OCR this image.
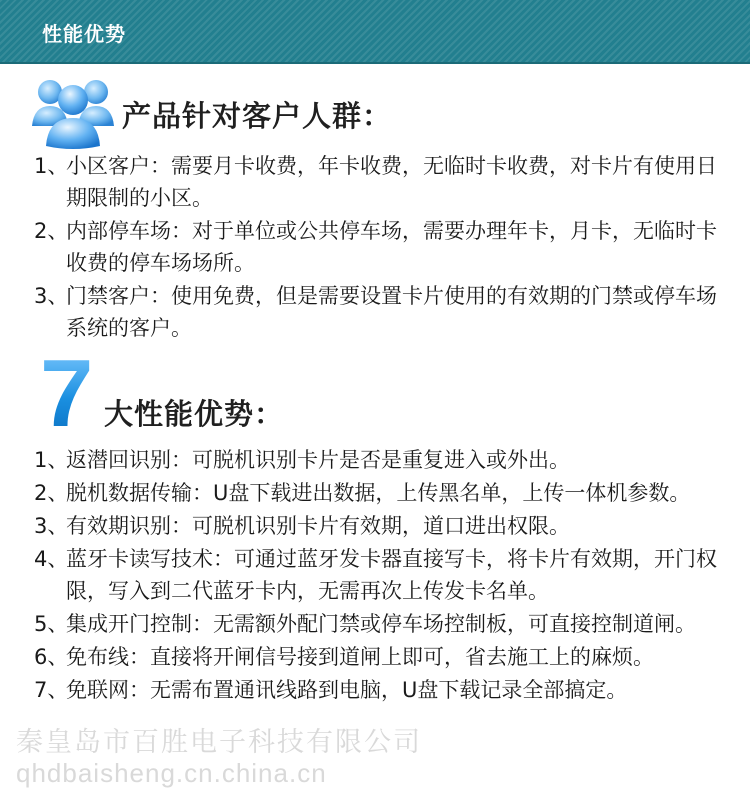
性能优势
产品针对客户人群：
1、
小区客户：需要月卡收费，年卡收费，无临时卡收费，对卡片有使用日期限制的小区。
2、
内部停车场：对于单位或公共停车场，需要办理年卡，月卡，无临时卡收费的停车场场所。
3、
门禁客户：使用免费，但是需要设置卡片使用的有效期的门禁或停车场系统的客户。
7 大性能优势：
1、
返潜回识别：可脱机识别卡片是否是重复进入或外出。
2、
脱机数据传输：U盘下载进出数据，上传黑名单，上传一体机参数。
3、
有效期识别：可脱机识别卡片有效期，道口进出权限。
4、
蓝牙卡读写技术：可通过蓝牙发卡器直接写卡，将卡片有效期，开门权限，写入到二代蓝牙卡内，无需再次上传发卡名单。
5、
集成开门控制：无需额外配门禁或停车场控制板，可直接控制道闸。
6、
免布线：直接将开闸信号接到道闸上即可，省去施工上的麻烦。
7、
免联网：无需布置通讯线路到电脑，U盘下载记录全部搞定。
秦皇岛市百胜电子科技有限公司
qhdbaisheng.cn.china.cn
